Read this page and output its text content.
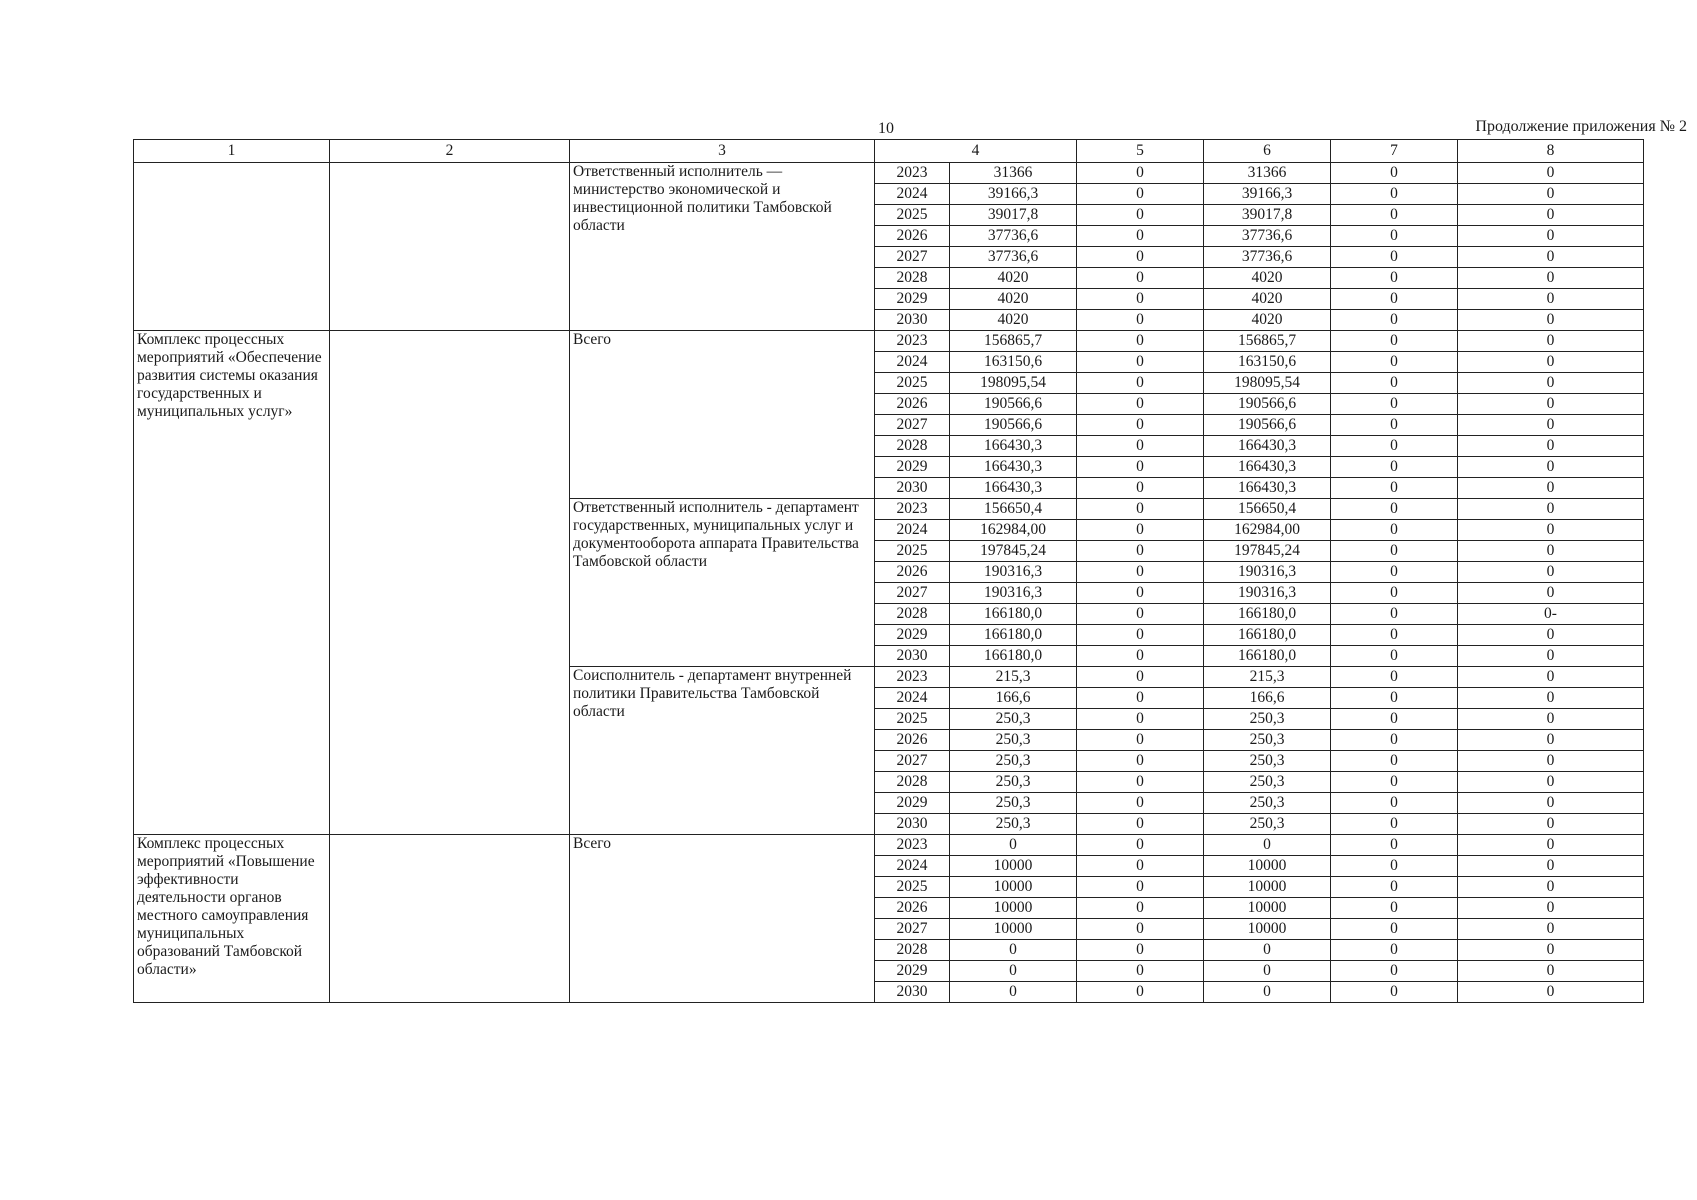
10	Продолжение приложения № 2
1	2	3	4		5	6	7	8
		Ответственный исполнитель — министерство экономической и инвестиционной политики Тамбовской области	2023	31366	0	31366	0	0
			2024	39166,3	0	39166,3	0	0
			2025	39017,8	0	39017,8	0	0
			2026	37736,6	0	37736,6	0	0
			2027	37736,6	0	37736,6	0	0
			2028	4020	0	4020	0	0
			2029	4020	0	4020	0	0
			2030	4020	0	4020	0	0
Комплекс процессных мероприятий «Обеспечение развития системы оказания государственных и муниципальных услуг»		Всего	2023	156865,7	0	156865,7	0	0
			2024	163150,6	0	163150,6	0	0
			2025	198095,54	0	198095,54	0	0
			2026	190566,6	0	190566,6	0	0
			2027	190566,6	0	190566,6	0	0
			2028	166430,3	0	166430,3	0	0
			2029	166430,3	0	166430,3	0	0
			2030	166430,3	0	166430,3	0	0
		Ответственный исполнитель - департамент государственных, муниципальных услуг и документооборота аппарата Правительства Тамбовской области	2023	156650,4	0	156650,4	0	0
			2024	162984,00	0	162984,00	0	0
			2025	197845,24	0	197845,24	0	0
			2026	190316,3	0	190316,3	0	0
			2027	190316,3	0	190316,3	0	0
			2028	166180,0	0	166180,0	0	0-
			2029	166180,0	0	166180,0	0	0
			2030	166180,0	0	166180,0	0	0
		Соисполнитель - департамент внутренней политики Правительства Тамбовской области	2023	215,3	0	215,3	0	0
			2024	166,6	0	166,6	0	0
			2025	250,3	0	250,3	0	0
			2026	250,3	0	250,3	0	0
			2027	250,3	0	250,3	0	0
			2028	250,3	0	250,3	0	0
			2029	250,3	0	250,3	0	0
			2030	250,3	0	250,3	0	0
Комплекс процессных мероприятий «Повышение эффективности деятельности органов местного самоуправления муниципальных образований Тамбовской области»		Всего	2023	0	0	0	0	0
			2024	10000	0	10000	0	0
			2025	10000	0	10000	0	0
			2026	10000	0	10000	0	0
			2027	10000	0	10000	0	0
			2028	0	0	0	0	0
			2029	0	0	0	0	0
			2030	0	0	0	0	0
